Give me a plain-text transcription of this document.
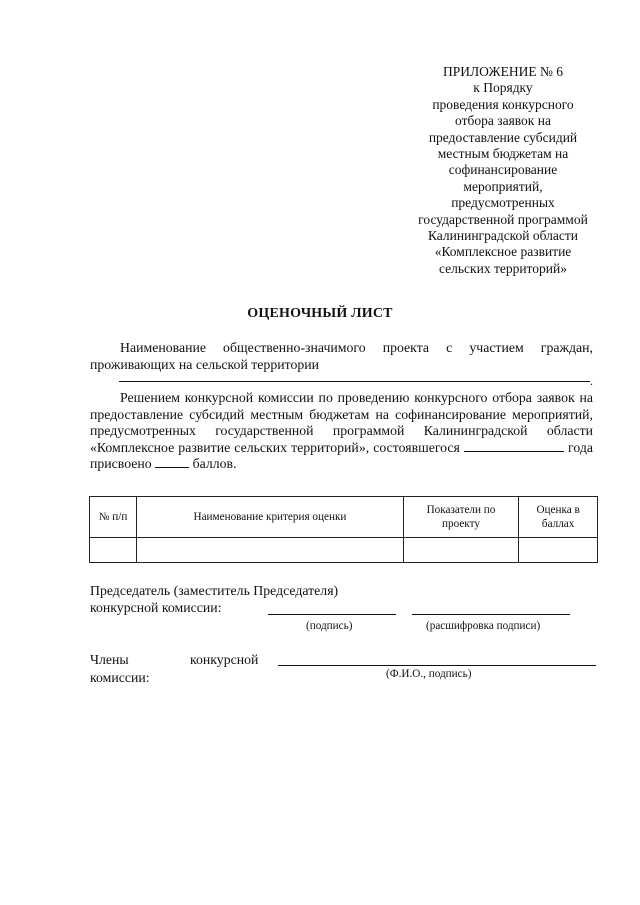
ПРИЛОЖЕНИЕ № 6
к Порядку
проведения конкурсного
отбора заявок на
предоставление субсидий
местным бюджетам на
софинансирование
мероприятий,
предусмотренных
государственной программой
Калининградской области
«Комплексное развитие
сельских территорий»
ОЦЕНОЧНЫЙ ЛИСТ
Наименование общественно-значимого проекта с участием граждан, проживающих на сельской территории
.
Решением конкурсной комиссии по проведению конкурсного отбора заявок на предоставление субсидий местным бюджетам на софинансирование мероприятий, предусмотренных государственной программой Калининградской области «Комплексное развитие сельских территорий», состоявшегося	года присвоено	баллов.
№ п/п	Наименование критерия оценки	Показатели по проекту	Оценка в баллах

Председатель (заместитель Председателя)
конкурсной комиссии:
(подпись)	(расшифровка подписи)
Члены	конкурсной
комиссии:	(Ф.И.О., подпись)
